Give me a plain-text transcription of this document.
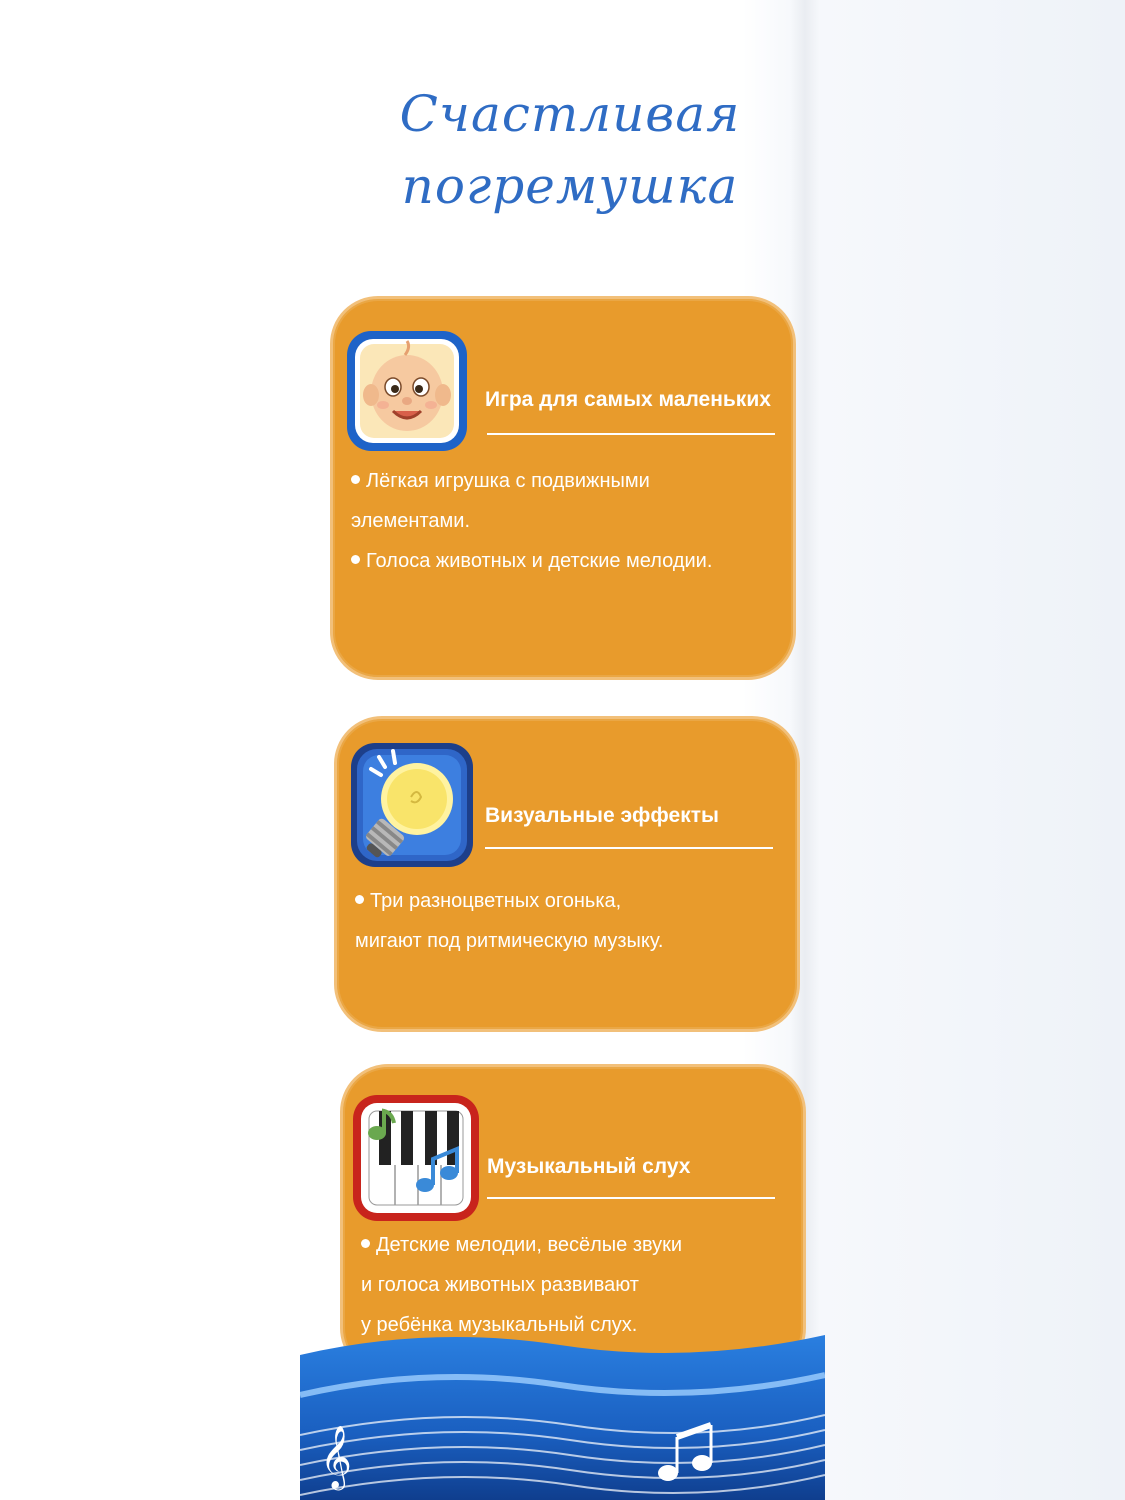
Счастливая
погремушка
Игра для самых маленьких
Лёгкая игрушка с подвижными
элементами.
Голоса животных и детские мелодии.
Визуальные эффекты
Три разноцветных огонька,
мигают под ритмическую музыку.
Музыкальный слух
Детские мелодии, весёлые звуки
и голоса животных развивают
у ребёнка музыкальный слух.
𝄞
